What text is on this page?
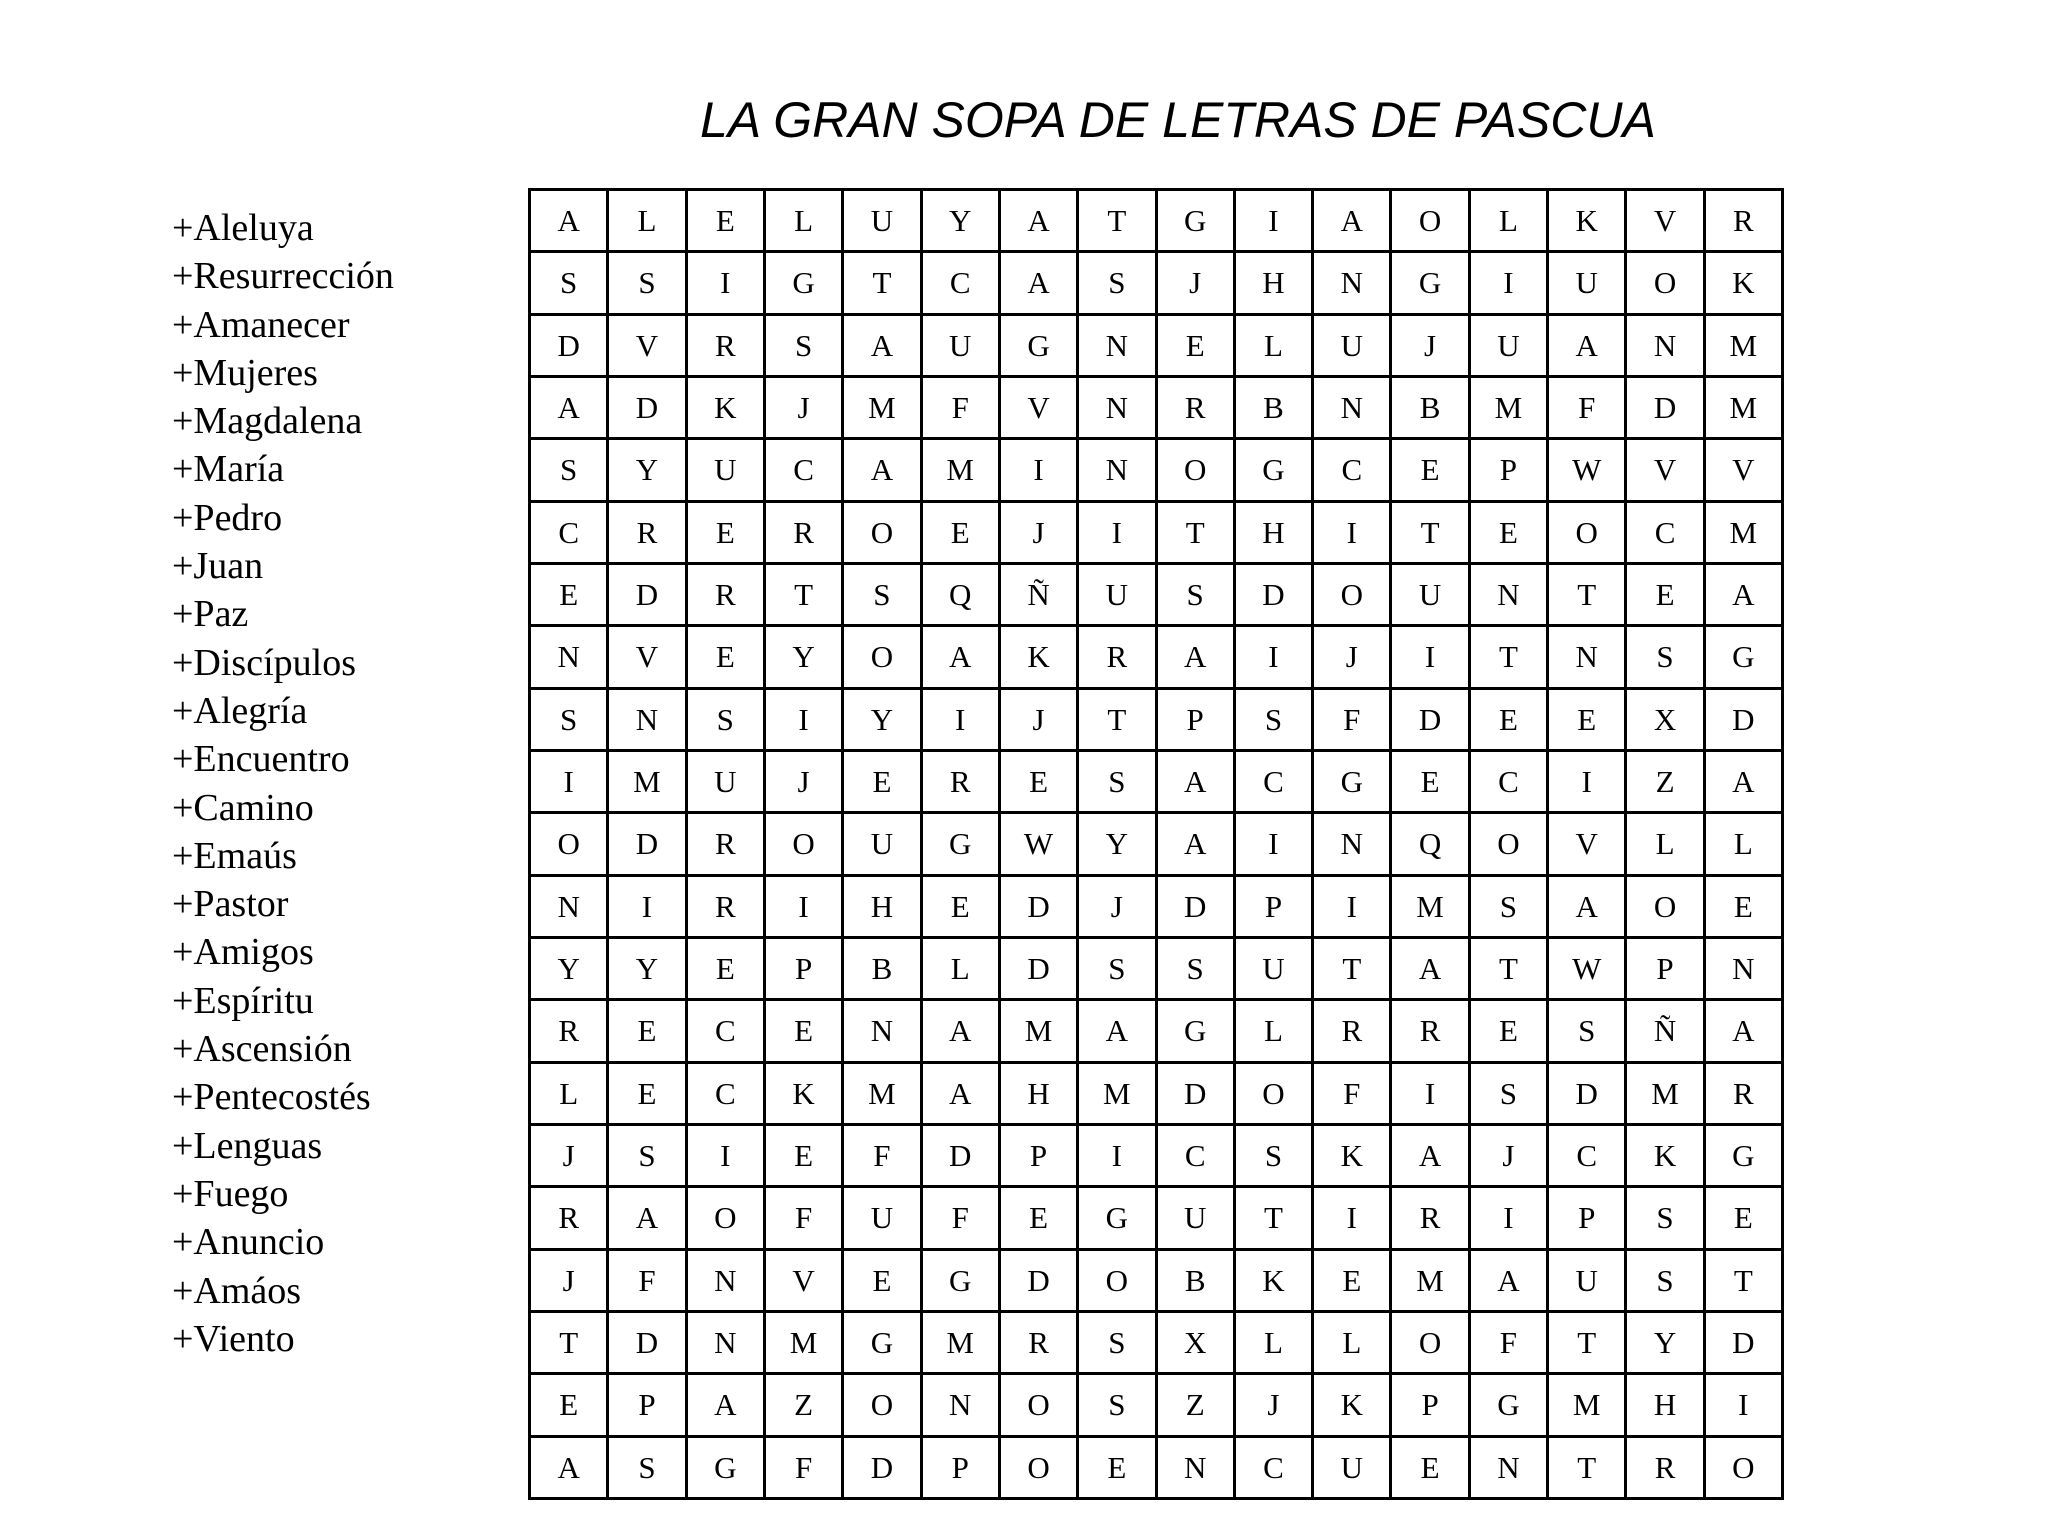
LA GRAN SOPA DE LETRAS DE PASCUA
+Aleluya
+Resurrección
+Amanecer
+Mujeres
+Magdalena
+María
+Pedro
+Juan
+Paz
+Discípulos
+Alegría
+Encuentro
+Camino
+Emaús
+Pastor
+Amigos
+Espíritu
+Ascensión
+Pentecostés
+Lenguas
+Fuego
+Anuncio
+Amáos
+Viento
A	L	E	L	U	Y	A	T	G	I	A	O	L	K	V	R
S	S	I	G	T	C	A	S	J	H	N	G	I	U	O	K
D	V	R	S	A	U	G	N	E	L	U	J	U	A	N	M
A	D	K	J	M	F	V	N	R	B	N	B	M	F	D	M
S	Y	U	C	A	M	I	N	O	G	C	E	P	W	V	V
C	R	E	R	O	E	J	I	T	H	I	T	E	O	C	M
E	D	R	T	S	Q	Ñ	U	S	D	O	U	N	T	E	A
N	V	E	Y	O	A	K	R	A	I	J	I	T	N	S	G
S	N	S	I	Y	I	J	T	P	S	F	D	E	E	X	D
I	M	U	J	E	R	E	S	A	C	G	E	C	I	Z	A
O	D	R	O	U	G	W	Y	A	I	N	Q	O	V	L	L
N	I	R	I	H	E	D	J	D	P	I	M	S	A	O	E
Y	Y	E	P	B	L	D	S	S	U	T	A	T	W	P	N
R	E	C	E	N	A	M	A	G	L	R	R	E	S	Ñ	A
L	E	C	K	M	A	H	M	D	O	F	I	S	D	M	R
J	S	I	E	F	D	P	I	C	S	K	A	J	C	K	G
R	A	O	F	U	F	E	G	U	T	I	R	I	P	S	E
J	F	N	V	E	G	D	O	B	K	E	M	A	U	S	T
T	D	N	M	G	M	R	S	X	L	L	O	F	T	Y	D
E	P	A	Z	O	N	O	S	Z	J	K	P	G	M	H	I
A	S	G	F	D	P	O	E	N	C	U	E	N	T	R	O
